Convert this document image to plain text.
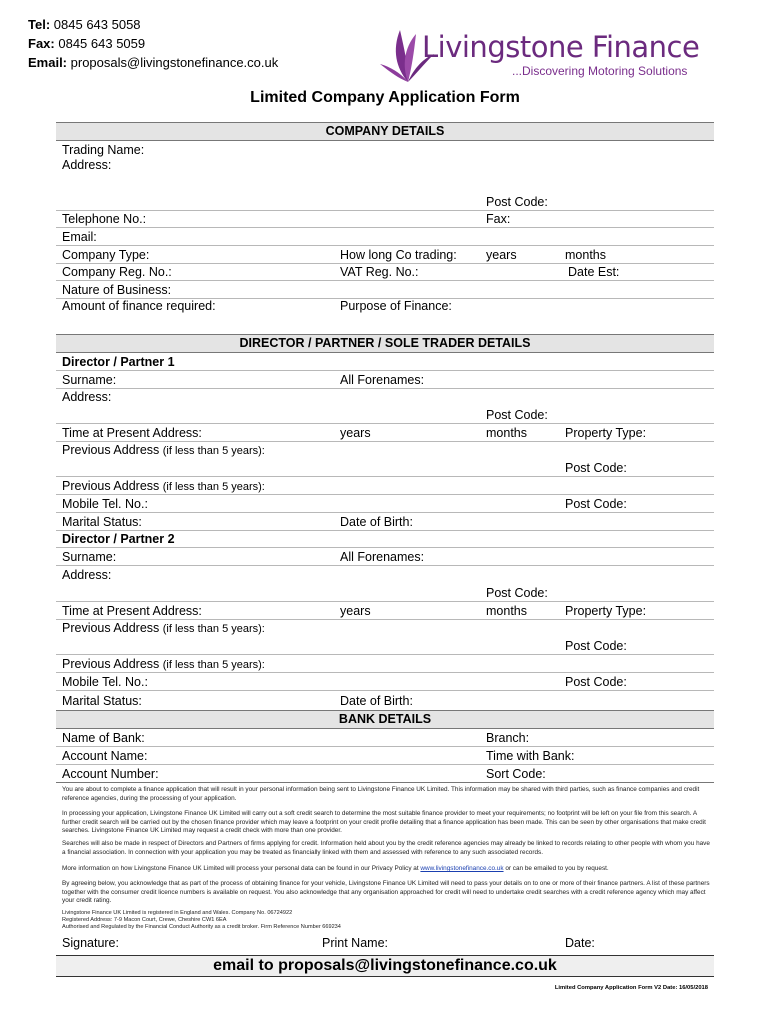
Tel: 0845 643 5058
Fax: 0845 643 5059
Email: proposals@livingstonefinance.co.uk	Livingstone Finance
...Discovering Motoring Solutions
Limited Company Application Form
COMPANY DETAILS
Trading Name:
Address:
Post Code:
Telephone No.:	Fax:
Email:
Company Type:	How long Co trading: years	months
Company Reg. No.:	VAT Reg. No.:	Date Est:
Nature of Business:
Amount of finance required:	Purpose of Finance:
DIRECTOR / PARTNER / SOLE TRADER DETAILS
Director / Partner 1
Surname:	All Forenames:
Address:
Post Code:
Time at Present Address:	years	months	Property Type:
Previous Address (if less than 5 years):
Post Code:
Previous Address (if less than 5 years):
Mobile Tel. No.:	Post Code:
Marital Status:	Date of Birth:
Director / Partner 2
Surname:	All Forenames:
Address:
Post Code:
Time at Present Address:	years	months	Property Type:
Previous Address (if less than 5 years):
Post Code:
Previous Address (if less than 5 years):
Mobile Tel. No.:	Post Code:
Marital Status:	Date of Birth:
BANK DETAILS
Name of Bank:	Branch:
Account Name:	Time with Bank:
Account Number:	Sort Code:
You are about to complete a finance application that will result in your personal information being sent to Livingstone Finance UK Limited. This information may be shared with third parties, such as finance companies and credit reference agencies, during the processing of your application.
In processing your application, Livingstone Finance UK Limited will carry out a soft credit search to determine the most suitable finance provider to meet your requirements; no footprint will be left on your file from this search. A further credit search will be carried out by the chosen finance provider which may leave a footprint on your credit profile detailing that a finance application has been made. This can be seen by other organisations that make credit searches. Livingstone Finance UK Limited may request a credit check with more than one provider.
Searches will also be made in respect of Directors and Partners of firms applying for credit. Information held about you by the credit reference agencies may already be linked to records relating to other people with whom you have a financial association. In connection with your application you may be treated as financially linked with them and assessed with reference to any such associated records.
More information on how Livingstone Finance UK Limited will process your personal data can be found in our Privacy Policy at www.livingstonefinance.co.uk or can be emailed to you by request.
By agreeing below, you acknowledge that as part of the process of obtaining finance for your vehicle, Livingstone Finance UK Limited will need to pass your details on to one or more of their finance partners. A list of these partners together with the consumer credit licence numbers is available on request. You also acknowledge that any organisation approached for credit will need to undertake credit searches with a credit reference agency which may affect your credit rating.
Livingstone Finance UK Limited is registered in England and Wales. Company No. 06724922
Registered Address: 7-9 Macon Court, Crewe, Cheshire CW1 6EA
Authorised and Regulated by the Financial Conduct Authority as a credit broker. Firm Reference Number 669234
Signature:	Print Name:	Date:
email to proposals@livingstonefinance.co.uk
Limited Company Application Form V2 Date: 16/05/2018
